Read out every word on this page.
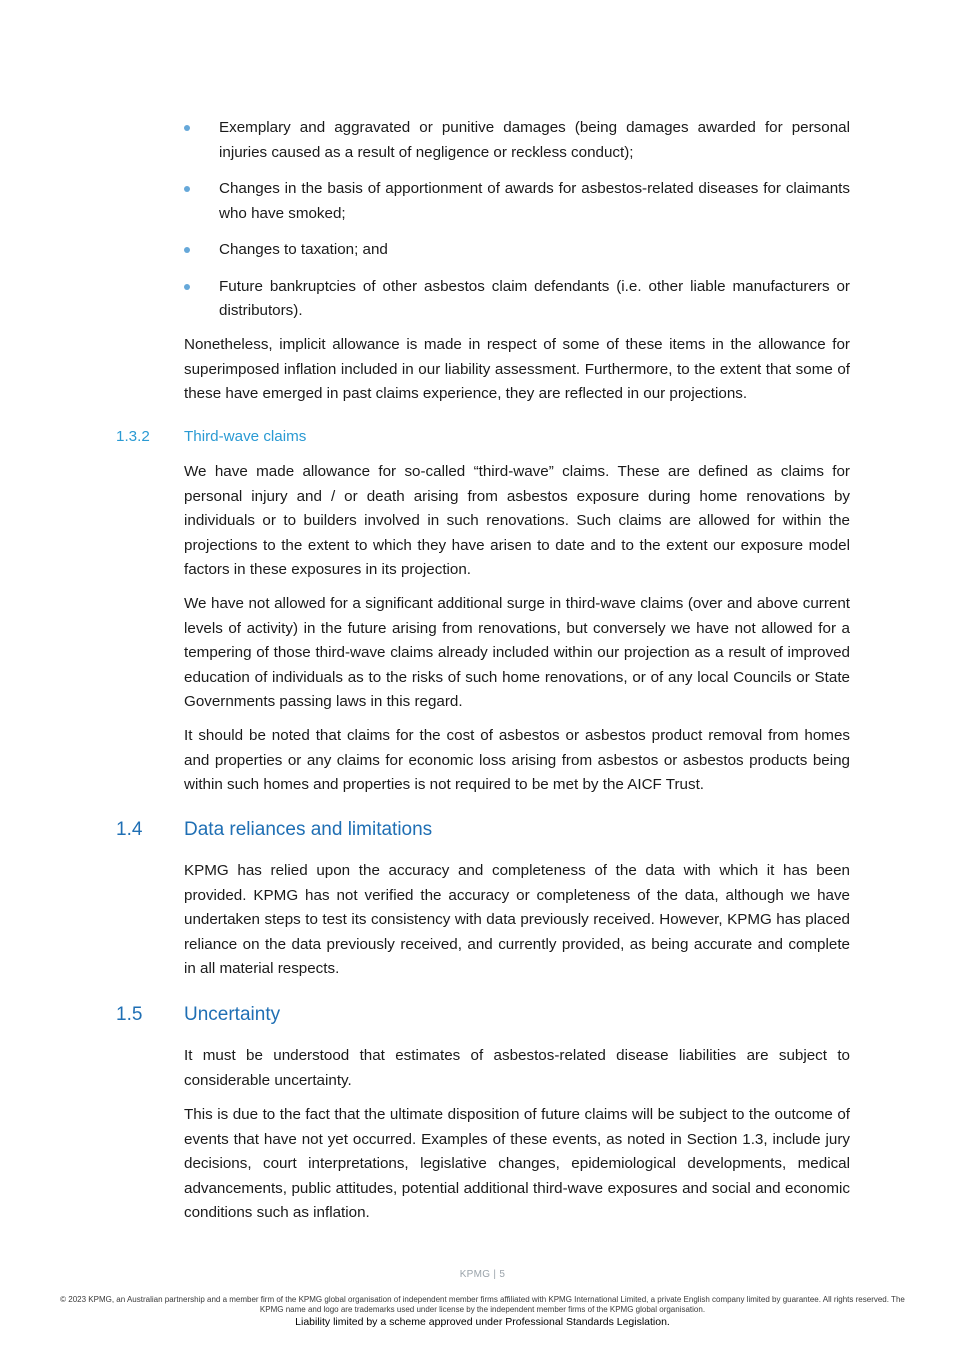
Exemplary and aggravated or punitive damages (being damages awarded for personal injuries caused as a result of negligence or reckless conduct);
Changes in the basis of apportionment of awards for asbestos-related diseases for claimants who have smoked;
Changes to taxation; and
Future bankruptcies of other asbestos claim defendants (i.e. other liable manufacturers or distributors).

Nonetheless, implicit allowance is made in respect of some of these items in the allowance for superimposed inflation included in our liability assessment. Furthermore, to the extent that some of these have emerged in past claims experience, they are reflected in our projections.

1.3.2 Third-wave claims

We have made allowance for so-called “third-wave” claims. These are defined as claims for personal injury and / or death arising from asbestos exposure during home renovations by individuals or to builders involved in such renovations. Such claims are allowed for within the projections to the extent to which they have arisen to date and to the extent our exposure model factors in these exposures in its projection.

We have not allowed for a significant additional surge in third-wave claims (over and above current levels of activity) in the future arising from renovations, but conversely we have not allowed for a tempering of those third-wave claims already included within our projection as a result of improved education of individuals as to the risks of such home renovations, or of any local Councils or State Governments passing laws in this regard.

It should be noted that claims for the cost of asbestos or asbestos product removal from homes and properties or any claims for economic loss arising from asbestos or asbestos products being within such homes and properties is not required to be met by the AICF Trust.

1.4 Data reliances and limitations

KPMG has relied upon the accuracy and completeness of the data with which it has been provided. KPMG has not verified the accuracy or completeness of the data, although we have undertaken steps to test its consistency with data previously received. However, KPMG has placed reliance on the data previously received, and currently provided, as being accurate and complete in all material respects.

1.5 Uncertainty

It must be understood that estimates of asbestos-related disease liabilities are subject to considerable uncertainty.

This is due to the fact that the ultimate disposition of future claims will be subject to the outcome of events that have not yet occurred. Examples of these events, as noted in Section 1.3, include jury decisions, court interpretations, legislative changes, epidemiological developments, medical advancements, public attitudes, potential additional third-wave exposures and social and economic conditions such as inflation.

KPMG | 5
© 2023 KPMG, an Australian partnership and a member firm of the KPMG global organisation of independent member firms affiliated with KPMG International Limited, a private English company limited by guarantee. All rights reserved. The KPMG name and logo are trademarks used under license by the independent member firms of the KPMG global organisation.
Liability limited by a scheme approved under Professional Standards Legislation.
